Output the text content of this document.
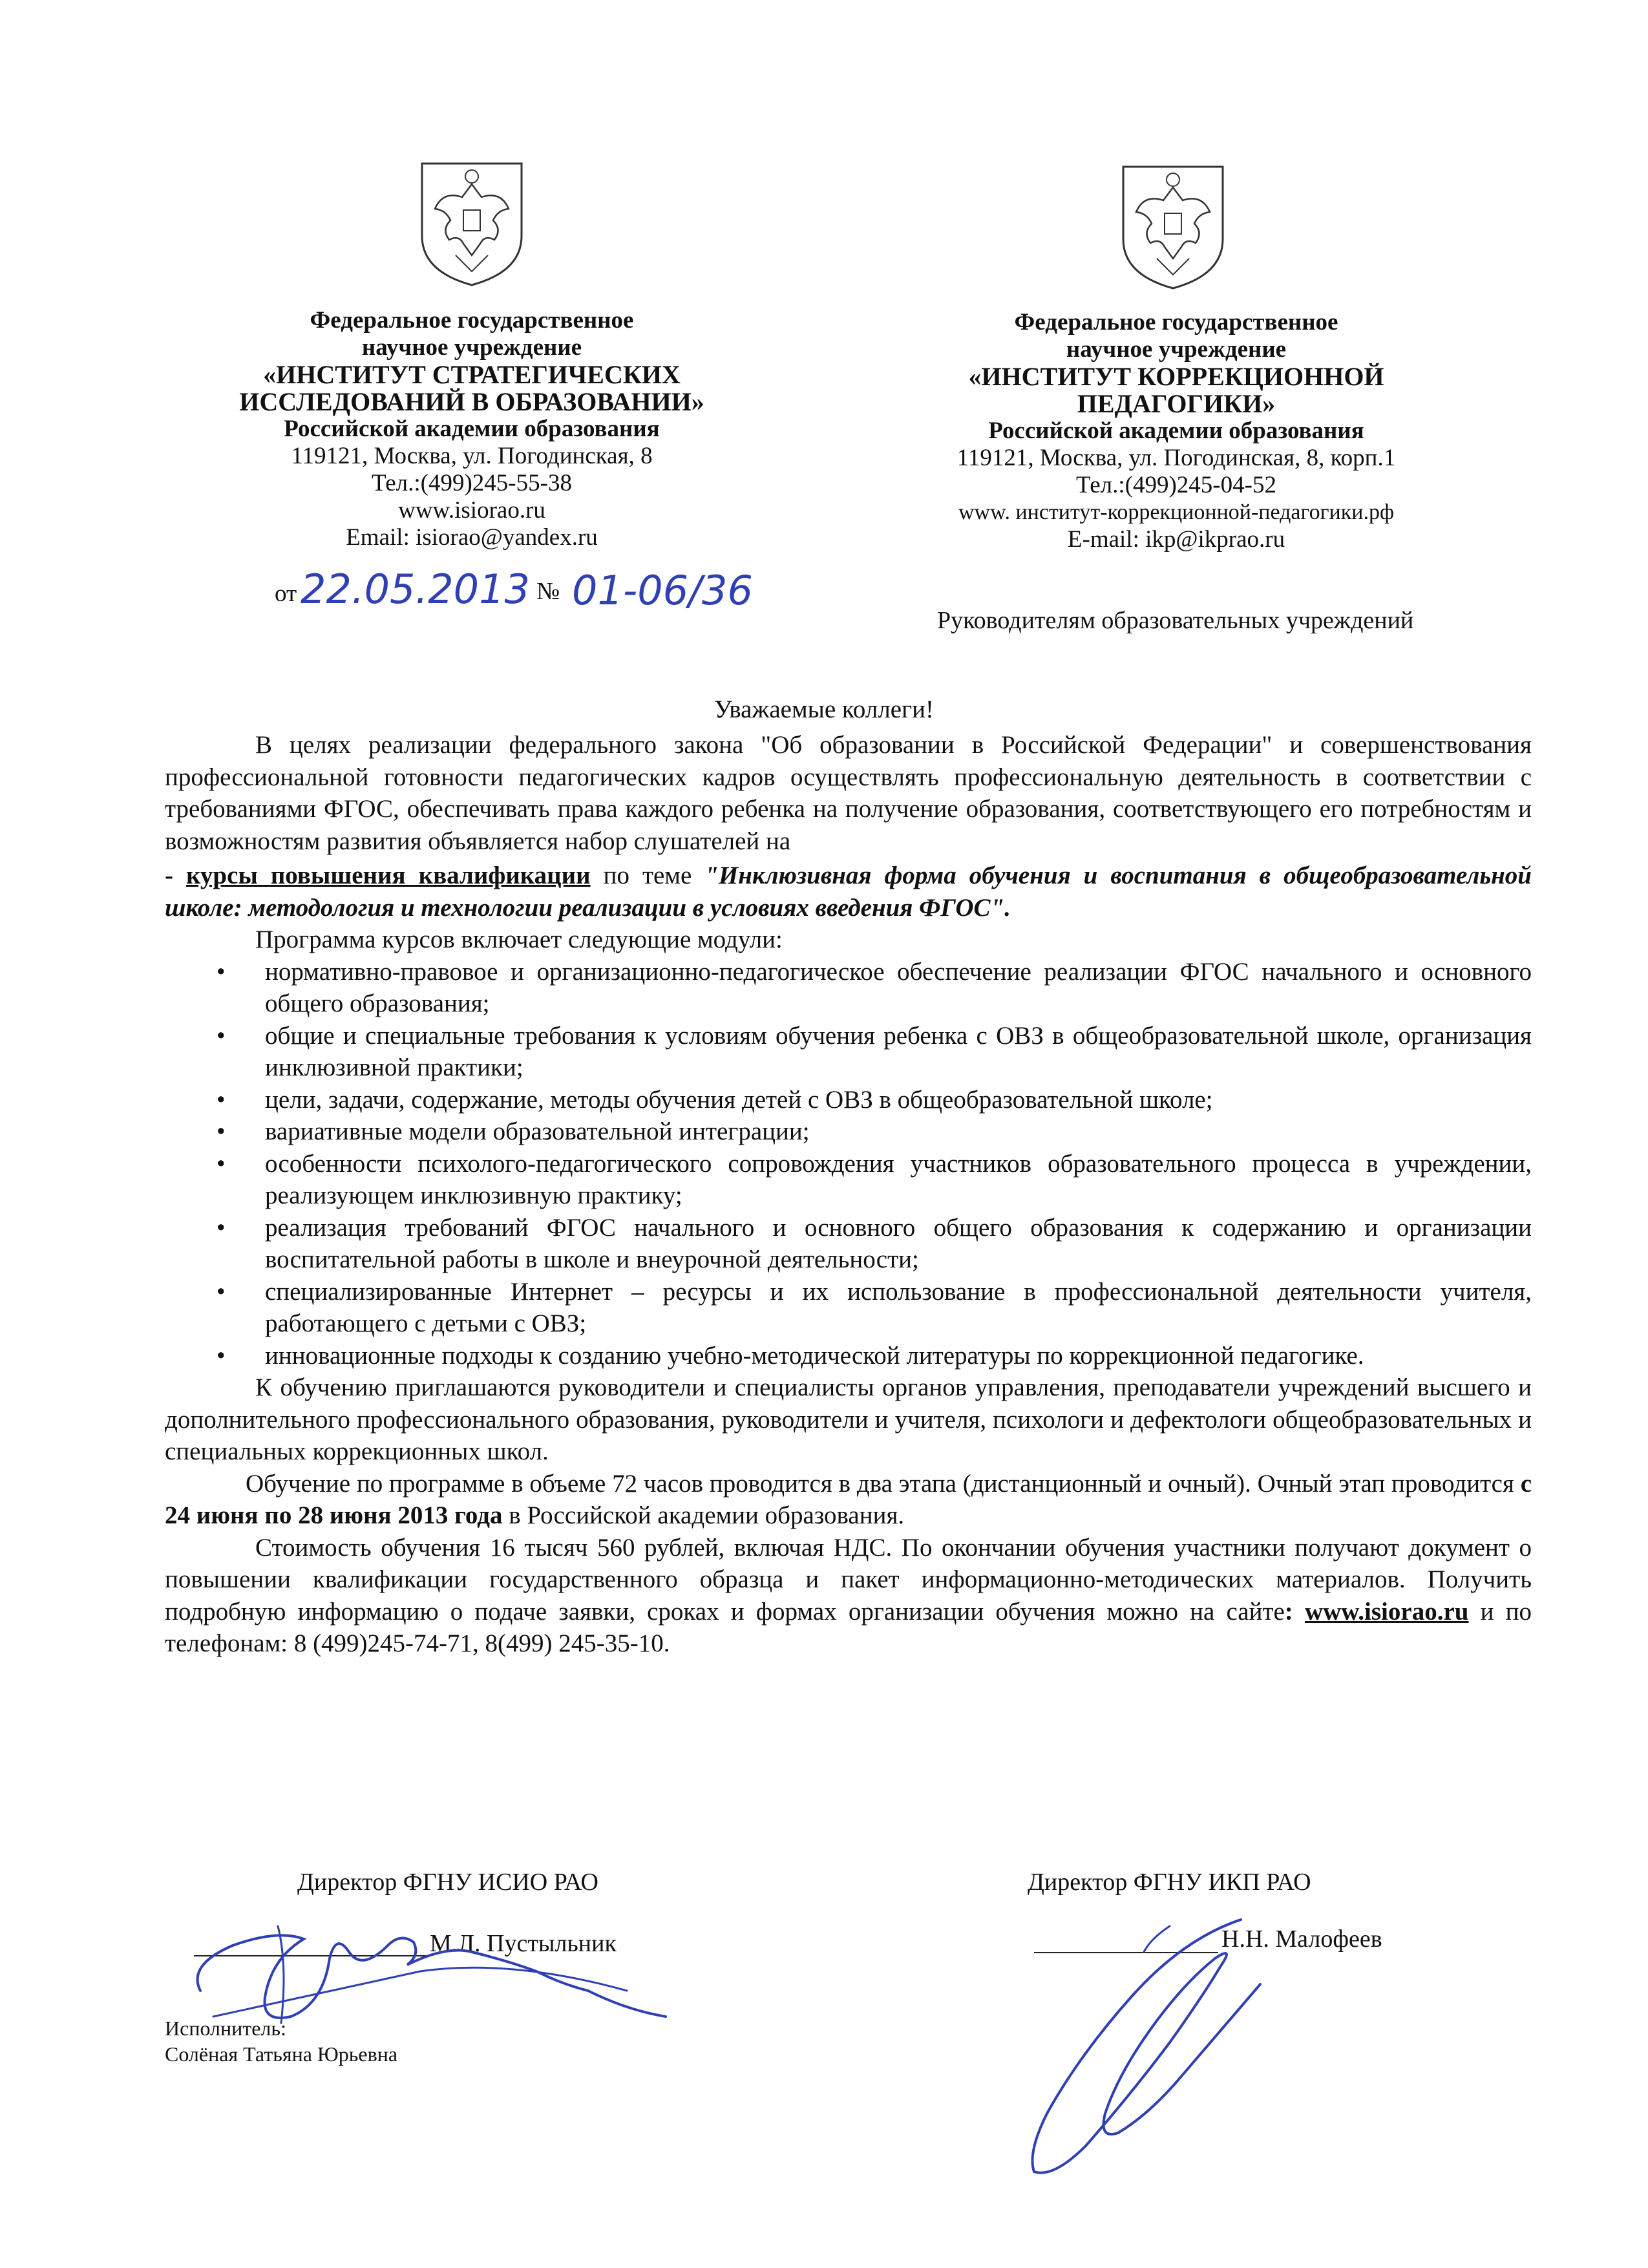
Федеральное государственное
научное учреждение
«ИНСТИТУТ СТРАТЕГИЧЕСКИХ
ИССЛЕДОВАНИЙ В ОБРАЗОВАНИИ»
Российской академии образования
119121, Москва, ул. Погодинская, 8
Тел.:(499)245-55-38
www.isiorao.ru
Email: isiorao@yandex.ru
от 22.05.2013 № 01-06/36
Федеральное государственное
научное учреждение
«ИНСТИТУТ КОРРЕКЦИОННОЙ
ПЕДАГОГИКИ»
Российской академии образования
119121, Москва, ул. Погодинская, 8, корп.1
Тел.:(499)245-04-52
www. институт-коррекционной-педагогики.рф
E-mail: ikp@ikprao.ru
Руководителям образовательных учреждений
Уважаемые коллеги!

В целях реализации федерального закона "Об образовании в Российской Федерации" и совершенствования профессиональной готовности педагогических кадров осуществлять профессиональную деятельность в соответствии с требованиями ФГОС, обеспечивать права каждого ребенка на получение образования, соответствующего его потребностям и возможностям развития объявляется набор слушателей на

- курсы повышения квалификации по теме "Инклюзивная форма обучения и воспитания в общеобразовательной школе: методология и технологии реализации в условиях введения ФГОС".

Программа курсов включает следующие модули:

• нормативно-правовое и организационно-педагогическое обеспечение реализации ФГОС начального и основного общего образования;
• общие и специальные требования к условиям обучения ребенка с ОВЗ в общеобразовательной школе, организация инклюзивной практики;
• цели, задачи, содержание, методы обучения детей с ОВЗ в общеобразовательной школе;
• вариативные модели образовательной интеграции;
• особенности психолого-педагогического сопровождения участников образовательного процесса в учреждении, реализующем инклюзивную практику;
• реализация требований ФГОС начального и основного общего образования к содержанию и организации воспитательной работы в школе и внеурочной деятельности;
• специализированные Интернет – ресурсы и их использование в профессиональной деятельности учителя, работающего с детьми с ОВЗ;
• инновационные подходы к созданию учебно-методической литературы по коррекционной педагогике.

К обучению приглашаются руководители и специалисты органов управления, преподаватели учреждений высшего и дополнительного профессионального образования, руководители и учителя, психологи и дефектологи общеобразовательных и специальных коррекционных школ.

Обучение по программе в объеме 72 часов проводится в два этапа (дистанционный и очный). Очный этап проводится с 24 июня по 28 июня 2013 года в Российской академии образования.

Стоимость обучения 16 тысяч 560 рублей, включая НДС. По окончании обучения участники получают документ о повышении квалификации государственного образца и пакет информационно-методических материалов. Получить подробную информацию о подаче заявки, сроках и формах организации обучения можно на сайте: www.isiorao.ru и по телефонам: 8 (499)245-74-71, 8(499) 245-35-10.

Директор ФГНУ ИСИО РАО
М.Л. Пустыльник
Директор ФГНУ ИКП РАО
Н.Н. Малофеев
Исполнитель:
Солёная Татьяна Юрьевна
